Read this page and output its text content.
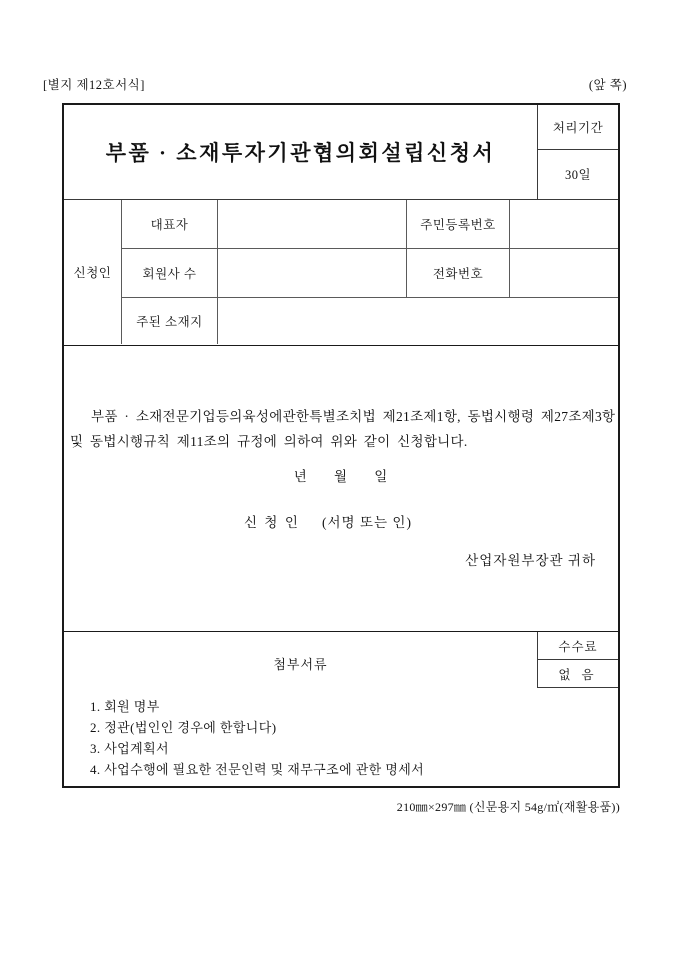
[별지 제12호서식]	(앞 쪽)
부품 · 소재투자기관협의회설립신청서
처리기간
30일
신청인
대표자	주민등록번호
회원사 수	전화번호
주된 소재지
부품 · 소재전문기업등의육성에관한특별조치법 제21조제1항, 동법시행령 제27조제3항
및 동법시행규칙 제11조의 규정에 의하여 위와 같이 신청합니다.
년      월      일
신 청 인 (서명 또는 인)
산업자원부장관 귀하
첨부서류
수수료
없 음
1. 회원 명부
2. 정관(법인인 경우에 한합니다)
3. 사업계획서
4. 사업수행에 필요한 전문인력 및 재무구조에 관한 명세서
210㎜×297㎜ (신문용지 54g/㎡(재활용품))
